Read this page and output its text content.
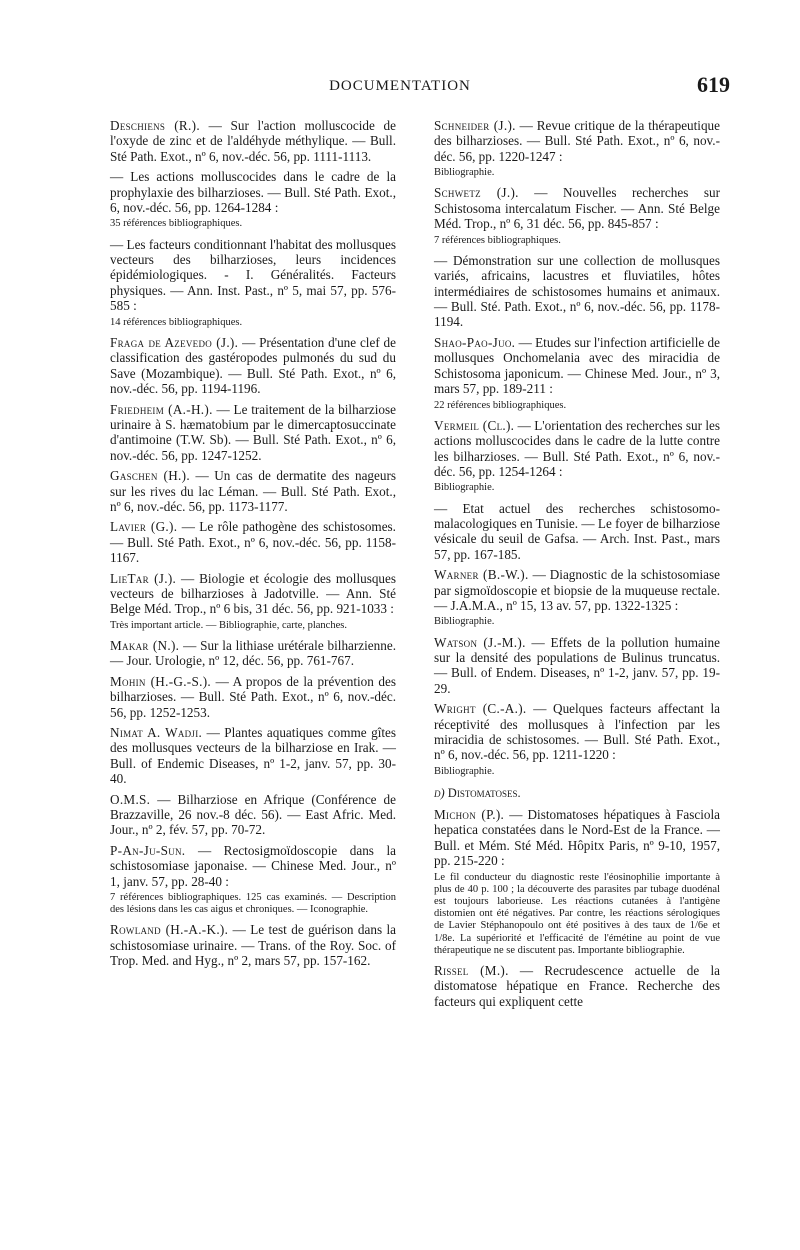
DOCUMENTATION	619

Deschiens (R.). — Sur l'action molluscocide de l'oxyde de zinc et de l'aldéhyde méthylique. — Bull. Sté Path. Exot., nº 6, nov.-déc. 56, pp. 1111-1113.

— Les actions molluscocides dans le cadre de la prophylaxie des bilharzioses. — Bull. Sté Path. Exot., 6, nov.-déc. 56, pp. 1264-1284 :

35 références bibliographiques.

— Les facteurs conditionnant l'habitat des mollusques vecteurs des bilharzioses, leurs incidences épidémiologiques. - I. Généralités. Facteurs physiques. — Ann. Inst. Past., nº 5, mai 57, pp. 576-585 :

14 références bibliographiques.

Fraga de Azevedo (J.). — Présentation d'une clef de classification des gastéropodes pulmonés du sud du Save (Mozambique). — Bull. Sté Path. Exot., nº 6, nov.-déc. 56, pp. 1194-1196.

Friedheim (A.-H.). — Le traitement de la bilharziose urinaire à S. hæmatobium par le dimercaptosuccinate d'antimoine (T.W. Sb). — Bull. Sté Path. Exot., nº 6, nov.-déc. 56, pp. 1247-1252.

Gaschen (H.). — Un cas de dermatite des nageurs sur les rives du lac Léman. — Bull. Sté Path. Exot., nº 6, nov.-déc. 56, pp. 1173-1177.

Lavier (G.). — Le rôle pathogène des schistosomes. — Bull. Sté Path. Exot., nº 6, nov.-déc. 56, pp. 1158-1167.

LieTar (J.). — Biologie et écologie des mollusques vecteurs de bilharzioses à Jadotville. — Ann. Sté Belge Méd. Trop., nº 6 bis, 31 déc. 56, pp. 921-1033 :

Très important article. — Bibliographie, carte, planches.

Makar (N.). — Sur la lithiase urétérale bilharzienne. — Jour. Urologie, nº 12, déc. 56, pp. 761-767.

Mohin (H.-G.-S.). — A propos de la prévention des bilharzioses. — Bull. Sté Path. Exot., nº 6, nov.-déc. 56, pp. 1252-1253.

Nimat A. Wadji. — Plantes aquatiques comme gîtes des mollusques vecteurs de la bilharziose en Irak. — Bull. of Endemic Diseases, nº 1-2, janv. 57, pp. 30-40.

O.M.S. — Bilharziose en Afrique (Conférence de Brazzaville, 26 nov.-8 déc. 56). — East Afric. Med. Jour., nº 2, fév. 57, pp. 70-72.

P-An-Ju-Sun. — Rectosigmoïdoscopie dans la schistosomiase japonaise. — Chinese Med. Jour., nº 1, janv. 57, pp. 28-40 :

7 références bibliographiques. 125 cas examinés. — Description des lésions dans les cas aigus et chroniques. — Iconographie.

Rowland (H.-A.-K.). — Le test de guérison dans la schistosomiase urinaire. — Trans. of the Roy. Soc. of Trop. Med. and Hyg., nº 2, mars 57, pp. 157-162.

Schneider (J.). — Revue critique de la thérapeutique des bilharzioses. — Bull. Sté Path. Exot., nº 6, nov.-déc. 56, pp. 1220-1247 :

Bibliographie.

Schwetz (J.). — Nouvelles recherches sur Schistosoma intercalatum Fischer. — Ann. Sté Belge Méd. Trop., nº 6, 31 déc. 56, pp. 845-857 :

7 références bibliographiques.

— Démonstration sur une collection de mollusques variés, africains, lacustres et fluviatiles, hôtes intermédiaires de schistosomes humains et animaux. — Bull. Sté. Path. Exot., nº 6, nov.-déc. 56, pp. 1178-1194.

Shao-Pao-Juo. — Etudes sur l'infection artificielle de mollusques Onchomelania avec des miracidia de Schistosoma japonicum. — Chinese Med. Jour., nº 3, mars 57, pp. 189-211 :

22 références bibliographiques.

Vermeil (Cl.). — L'orientation des recherches sur les actions molluscocides dans le cadre de la lutte contre les bilharzioses. — Bull. Sté Path. Exot., nº 6, nov.-déc. 56, pp. 1254-1264 :

Bibliographie.

— Etat actuel des recherches schistosomo-malacologiques en Tunisie. — Le foyer de bilharziose vésicale du seuil de Gafsa. — Arch. Inst. Past., mars 57, pp. 167-185.

Warner (B.-W.). — Diagnostic de la schistosomiase par sigmoïdoscopie et biopsie de la muqueuse rectale. — J.A.M.A., nº 15, 13 av. 57, pp. 1322-1325 :

Bibliographie.

Watson (J.-M.). — Effets de la pollution humaine sur la densité des populations de Bulinus truncatus. — Bull. of Endem. Diseases, nº 1-2, janv. 57, pp. 19-29.

Wright (C.-A.). — Quelques facteurs affectant la réceptivité des mollusques à l'infection par les miracidia de schistosomes. — Bull. Sté Path. Exot., nº 6, nov.-déc. 56, pp. 1211-1220 :

Bibliographie.
d) Distomatoses.

Michon (P.). — Distomatoses hépatiques à Fasciola hepatica constatées dans le Nord-Est de la France. — Bull. et Mém. Sté Méd. Hôpitx Paris, nº 9-10, 1957, pp. 215-220 :

Le fil conducteur du diagnostic reste l'éosinophilie importante à plus de 40 p. 100 ; la découverte des parasites par tubage duodénal est toujours laborieuse. Les réactions cutanées à l'antigène distomien ont été négatives. Par contre, les réactions sérologiques de Lavier Stéphanopoulo ont été positives à des taux de 1/6e et 1/8e. La supériorité et l'efficacité de l'émétine au point de vue thérapeutique ne se discutent pas. Importante bibliographie.

Rissel (M.). — Recrudescence actuelle de la distomatose hépatique en France. Recherche des facteurs qui expliquent cette
